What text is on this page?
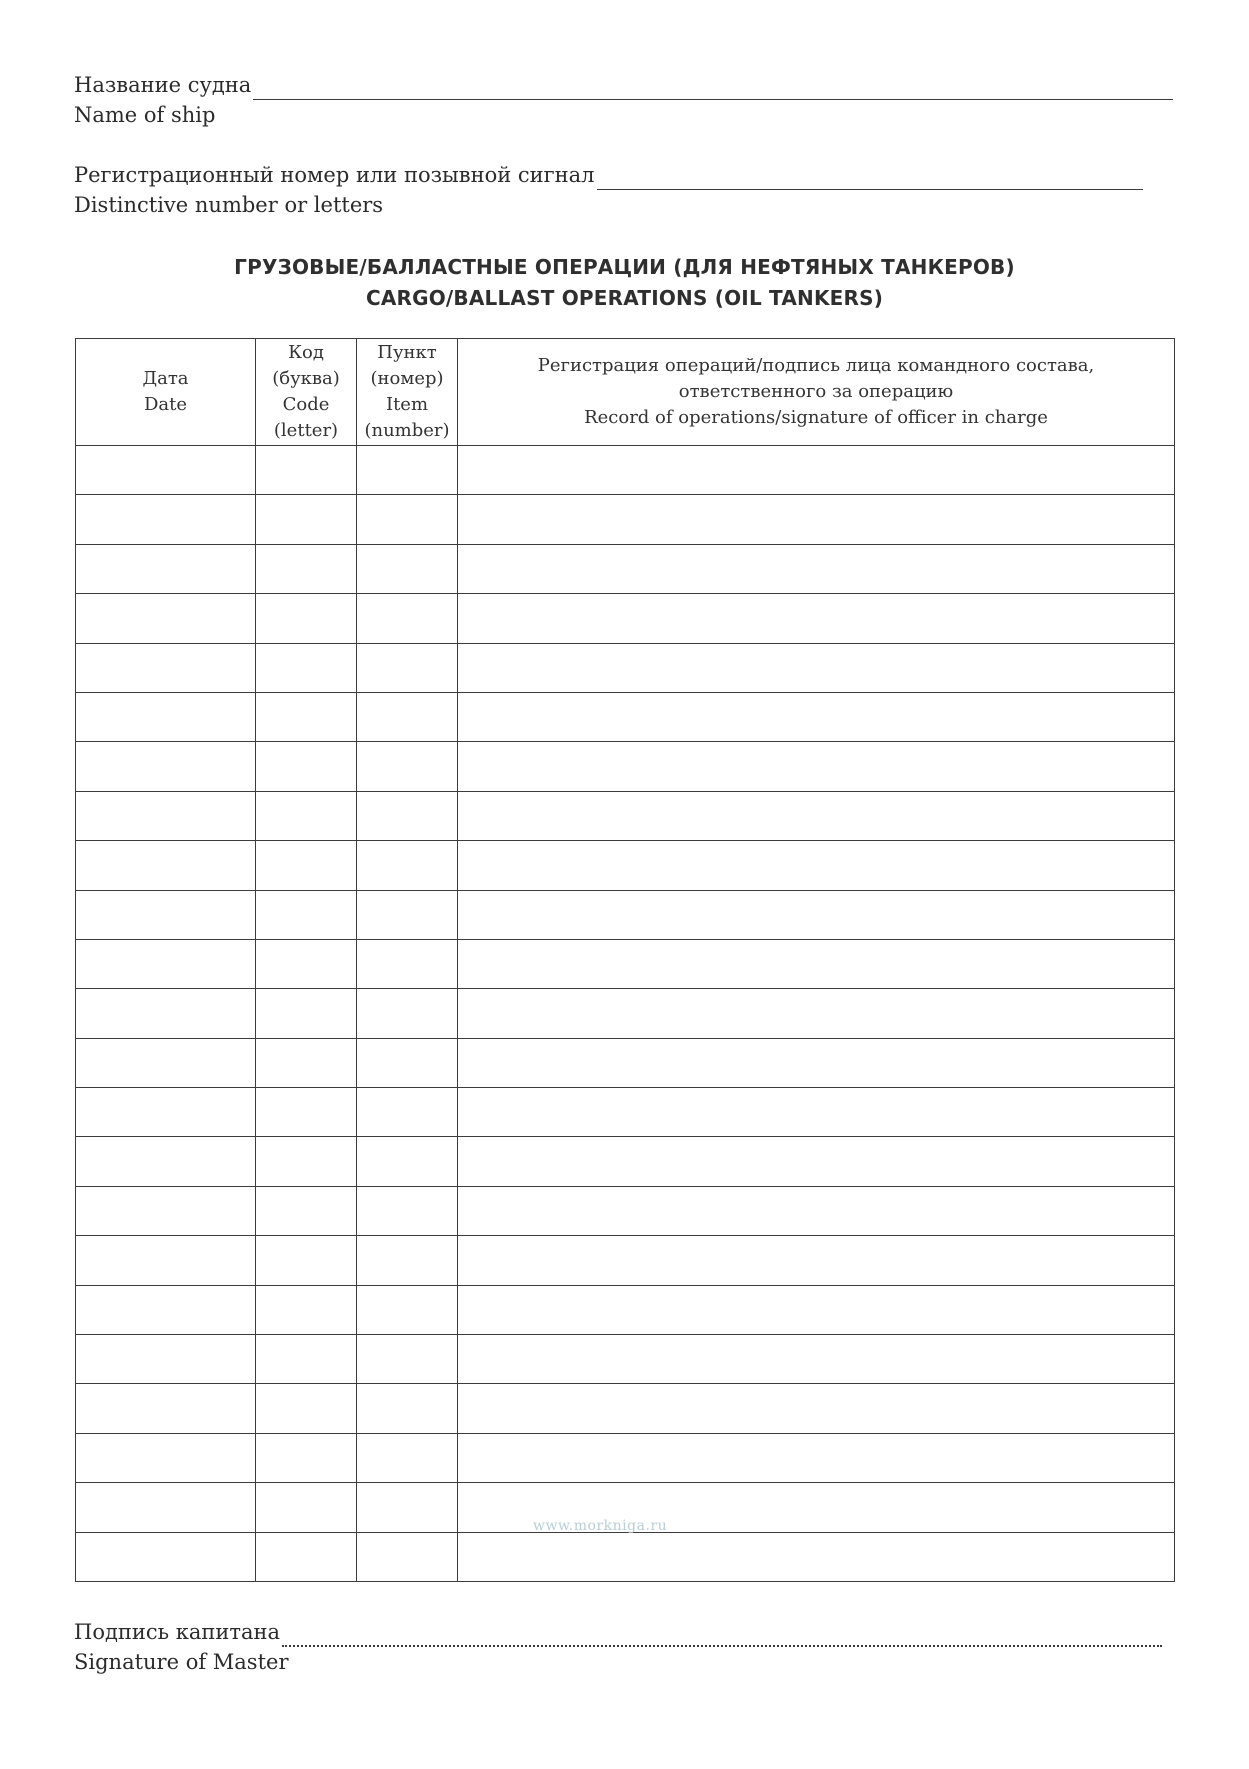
Название судна
Name of ship
Регистрационный номер или позывной сигнал
Distinctive number or letters
ГРУЗОВЫЕ/БАЛЛАСТНЫЕ ОПЕРАЦИИ (ДЛЯ НЕФТЯНЫХ ТАНКЕРОВ)
CARGO/BALLAST OPERATIONS (OIL TANKERS)
Дата
Date	Код
(буква)
Code
(letter)	Пункт
(номер)
Item
(number)	Регистрация операций/подпись лица командного состава,
ответственного за операцию
Record of operations/signature of officer in charge

www.morkniga.ru
Подпись капитана
Signature of Master
